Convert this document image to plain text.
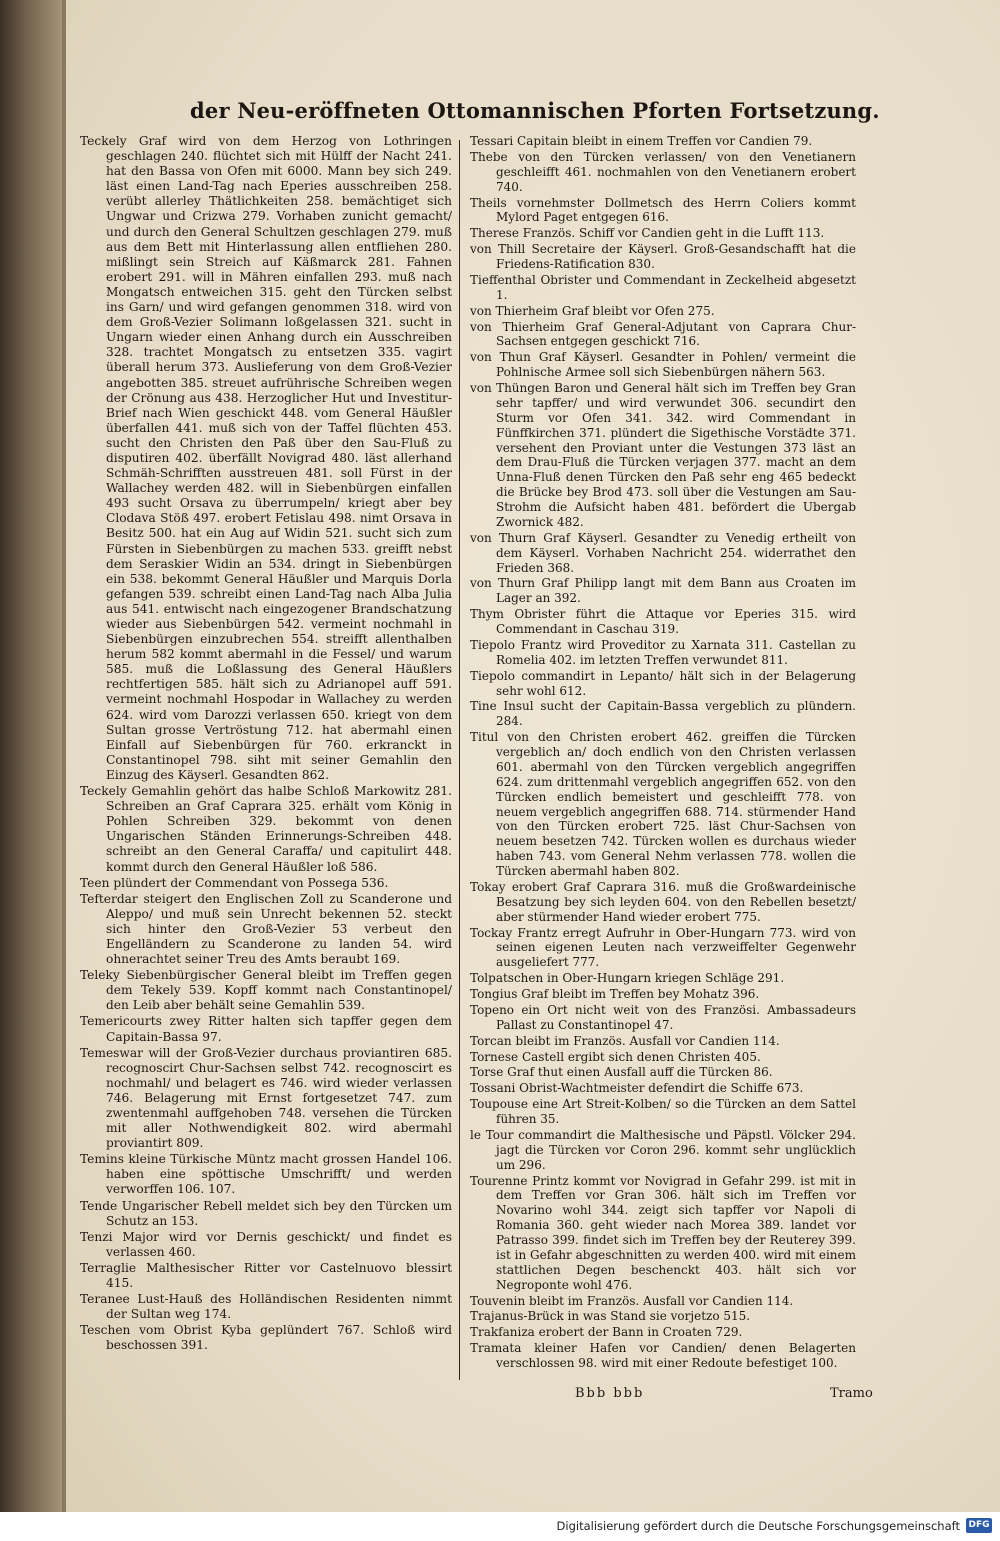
der Neu-eröffneten Ottomannischen Pforten Fortsetzung.
Teckely Graf wird von dem Herzog von Lothringen geschlagen 240. flüchtet sich mit Hülff der Nacht 241. hat den Bassa von Ofen mit 6000. Mann bey sich 249. läst einen Land-Tag nach Eperies ausschreiben 258. verübt allerley Thätlichkeiten 258. bemächtiget sich Ungwar und Crizwa 279. Vorhaben zunicht gemacht/ und durch den General Schultzen geschlagen 279. muß aus dem Bett mit Hinterlassung allen entfliehen 280. mißlingt sein Streich auf Käßmarck 281. Fahnen erobert 291. will in Mähren einfallen 293. muß nach Mongatsch entweichen 315. geht den Türcken selbst ins Garn/ und wird gefangen genommen 318. wird von dem Groß-Vezier Solimann loßgelassen 321. sucht in Ungarn wieder einen Anhang durch ein Ausschreiben 328. trachtet Mongatsch zu entsetzen 335. vagirt überall herum 373. Auslieferung von dem Groß-Vezier angebotten 385. streuet aufrührische Schreiben wegen der Crönung aus 438. Herzoglicher Hut und Investitur-Brief nach Wien geschickt 448. vom General Häußler überfallen 441. muß sich von der Taffel flüchten 453. sucht den Christen den Paß über den Sau-Fluß zu disputiren 402. überfällt Novigrad 480. läst allerhand Schmäh-Schrifften ausstreuen 481. soll Fürst in der Wallachey werden 482. will in Siebenbürgen einfallen 493 sucht Orsava zu überrumpeln/ kriegt aber bey Clodava Stöß 497. erobert Fetislau 498. nimt Orsava in Besitz 500. hat ein Aug auf Widin 521. sucht sich zum Fürsten in Siebenbürgen zu machen 533. greifft nebst dem Seraskier Widin an 534. dringt in Siebenbürgen ein 538. bekommt General Häußler und Marquis Dorla gefangen 539. schreibt einen Land-Tag nach Alba Julia aus 541. entwischt nach eingezogener Brandschatzung wieder aus Siebenbürgen 542. vermeint nochmahl in Siebenbürgen einzubrechen 554. streifft allenthalben herum 582 kommt abermahl in die Fessel/ und warum 585. muß die Loßlassung des General Häußlers rechtfertigen 585. hält sich zu Adrianopel auff 591. vermeint nochmahl Hospodar in Wallachey zu werden 624. wird vom Darozzi verlassen 650. kriegt von dem Sultan grosse Vertröstung 712. hat abermahl einen Einfall auf Siebenbürgen für 760. erkranckt in Constantinopel 798. siht mit seiner Gemahlin den Einzug des Käyserl. Gesandten 862.
Teckely Gemahlin gehört das halbe Schloß Markowitz 281. Schreiben an Graf Caprara 325. erhält vom König in Pohlen Schreiben 329. bekommt von denen Ungarischen Ständen Erinnerungs-Schreiben 448. schreibt an den General Caraffa/ und capitulirt 448. kommt durch den General Häußler loß 586.
Teen plündert der Commendant von Possega 536.
Tefterdar steigert den Englischen Zoll zu Scanderone und Aleppo/ und muß sein Unrecht bekennen 52. steckt sich hinter den Groß-Vezier 53 verbeut den Engelländern zu Scanderone zu landen 54. wird ohnerachtet seiner Treu des Amts beraubt 169.
Teleky Siebenbürgischer General bleibt im Treffen gegen dem Tekely 539. Kopff kommt nach Constantinopel/ den Leib aber behält seine Gemahlin 539.
Temericourts zwey Ritter halten sich tapffer gegen dem Capitain-Bassa 97.
Temeswar will der Groß-Vezier durchaus proviantiren 685. recognoscirt Chur-Sachsen selbst 742. recognoscirt es nochmahl/ und belagert es 746. wird wieder verlassen 746. Belagerung mit Ernst fortgesetzet 747. zum zwentenmahl auffgehoben 748. versehen die Türcken mit aller Nothwendigkeit 802. wird abermahl proviantirt 809.
Temins kleine Türkische Müntz macht grossen Handel 106. haben eine spöttische Umschrifft/ und werden verworffen 106. 107.
Tende Ungarischer Rebell meldet sich bey den Türcken um Schutz an 153.
Tenzi Major wird vor Dernis geschickt/ und findet es verlassen 460.
Terraglie Malthesischer Ritter vor Castelnuovo blessirt 415.
Teranee Lust-Hauß des Holländischen Residenten nimmt der Sultan weg 174.
Teschen vom Obrist Kyba geplündert 767. Schloß wird beschossen 391.
Tessari Capitain bleibt in einem Treffen vor Candien 79.
Thebe von den Türcken verlassen/ von den Venetianern geschleifft 461. nochmahlen von den Venetianern erobert 740.
Theils vornehmster Dollmetsch des Herrn Coliers kommt Mylord Paget entgegen 616.
Therese Französ. Schiff vor Candien geht in die Lufft 113.
von Thill Secretaire der Käyserl. Groß-Gesandschafft hat die Friedens-Ratification 830.
Tieffenthal Obrister und Commendant in Zeckelheid abgesetzt 1.
von Thierheim Graf bleibt vor Ofen 275.
von Thierheim Graf General-Adjutant von Caprara Chur-Sachsen entgegen geschickt 716.
von Thun Graf Käyserl. Gesandter in Pohlen/ vermeint die Pohlnische Armee soll sich Siebenbürgen nähern 563.
von Thüngen Baron und General hält sich im Treffen bey Gran sehr tapffer/ und wird verwundet 306. secundirt den Sturm vor Ofen 341. 342. wird Commendant in Fünffkirchen 371. plündert die Sigethische Vorstädte 371. versehent den Proviant unter die Vestungen 373 läst an dem Drau-Fluß die Türcken verjagen 377. macht an dem Unna-Fluß denen Türcken den Paß sehr eng 465 bedeckt die Brücke bey Brod 473. soll über die Vestungen am Sau-Strohm die Aufsicht haben 481. befördert die Ubergab Zwornick 482.
von Thurn Graf Käyserl. Gesandter zu Venedig ertheilt von dem Käyserl. Vorhaben Nachricht 254. widerrathet den Frieden 368.
von Thurn Graf Philipp langt mit dem Bann aus Croaten im Lager an 392.
Thym Obrister führt die Attaque vor Eperies 315. wird Commendant in Caschau 319.
Tiepolo Frantz wird Proveditor zu Xarnata 311. Castellan zu Romelia 402. im letzten Treffen verwundet 811.
Tiepolo commandirt in Lepanto/ hält sich in der Belagerung sehr wohl 612.
Tine Insul sucht der Capitain-Bassa vergeblich zu plündern. 284.
Titul von den Christen erobert 462. greiffen die Türcken vergeblich an/ doch endlich von den Christen verlassen 601. abermahl von den Türcken vergeblich angegriffen 624. zum drittenmahl vergeblich angegriffen 652. von den Türcken endlich bemeistert und geschleifft 778. von neuem vergeblich angegriffen 688. 714. stürmender Hand von den Türcken erobert 725. läst Chur-Sachsen von neuem besetzen 742. Türcken wollen es durchaus wieder haben 743. vom General Nehm verlassen 778. wollen die Türcken abermahl haben 802.
Tokay erobert Graf Caprara 316. muß die Großwardeinische Besatzung bey sich leyden 604. von den Rebellen besetzt/ aber stürmender Hand wieder erobert 775.
Tockay Frantz erregt Aufruhr in Ober-Hungarn 773. wird von seinen eigenen Leuten nach verzweiffelter Gegenwehr ausgeliefert 777.
Tolpatschen in Ober-Hungarn kriegen Schläge 291.
Tongius Graf bleibt im Treffen bey Mohatz 396.
Topeno ein Ort nicht weit von des Französi. Ambassadeurs Pallast zu Constantinopel 47.
Torcan bleibt im Französ. Ausfall vor Candien 114.
Tornese Castell ergibt sich denen Christen 405.
Torse Graf thut einen Ausfall auff die Türcken 86.
Tossani Obrist-Wachtmeister defendirt die Schiffe 673.
Toupouse eine Art Streit-Kolben/ so die Türcken an dem Sattel führen 35.
le Tour commandirt die Malthesische und Päpstl. Völcker 294. jagt die Türcken vor Coron 296. kommt sehr unglücklich um 296.
Tourenne Printz kommt vor Novigrad in Gefahr 299. ist mit in dem Treffen vor Gran 306. hält sich im Treffen vor Novarino wohl 344. zeigt sich tapffer vor Napoli di Romania 360. geht wieder nach Morea 389. landet vor Patrasso 399. findet sich im Treffen bey der Reuterey 399. ist in Gefahr abgeschnitten zu werden 400. wird mit einem stattlichen Degen beschenckt 403. hält sich vor Negroponte wohl 476.
Touvenin bleibt im Französ. Ausfall vor Candien 114.
Trajanus-Brück in was Stand sie vorjetzo 515.
Trakfaniza erobert der Bann in Croaten 729.
Tramata kleiner Hafen vor Candien/ denen Belagerten verschlossen 98. wird mit einer Redoute befestiget 100.
Bbb bbb	Tramo
Digitalisierung gefördert durch die Deutsche Forschungsgemeinschaft DFG
